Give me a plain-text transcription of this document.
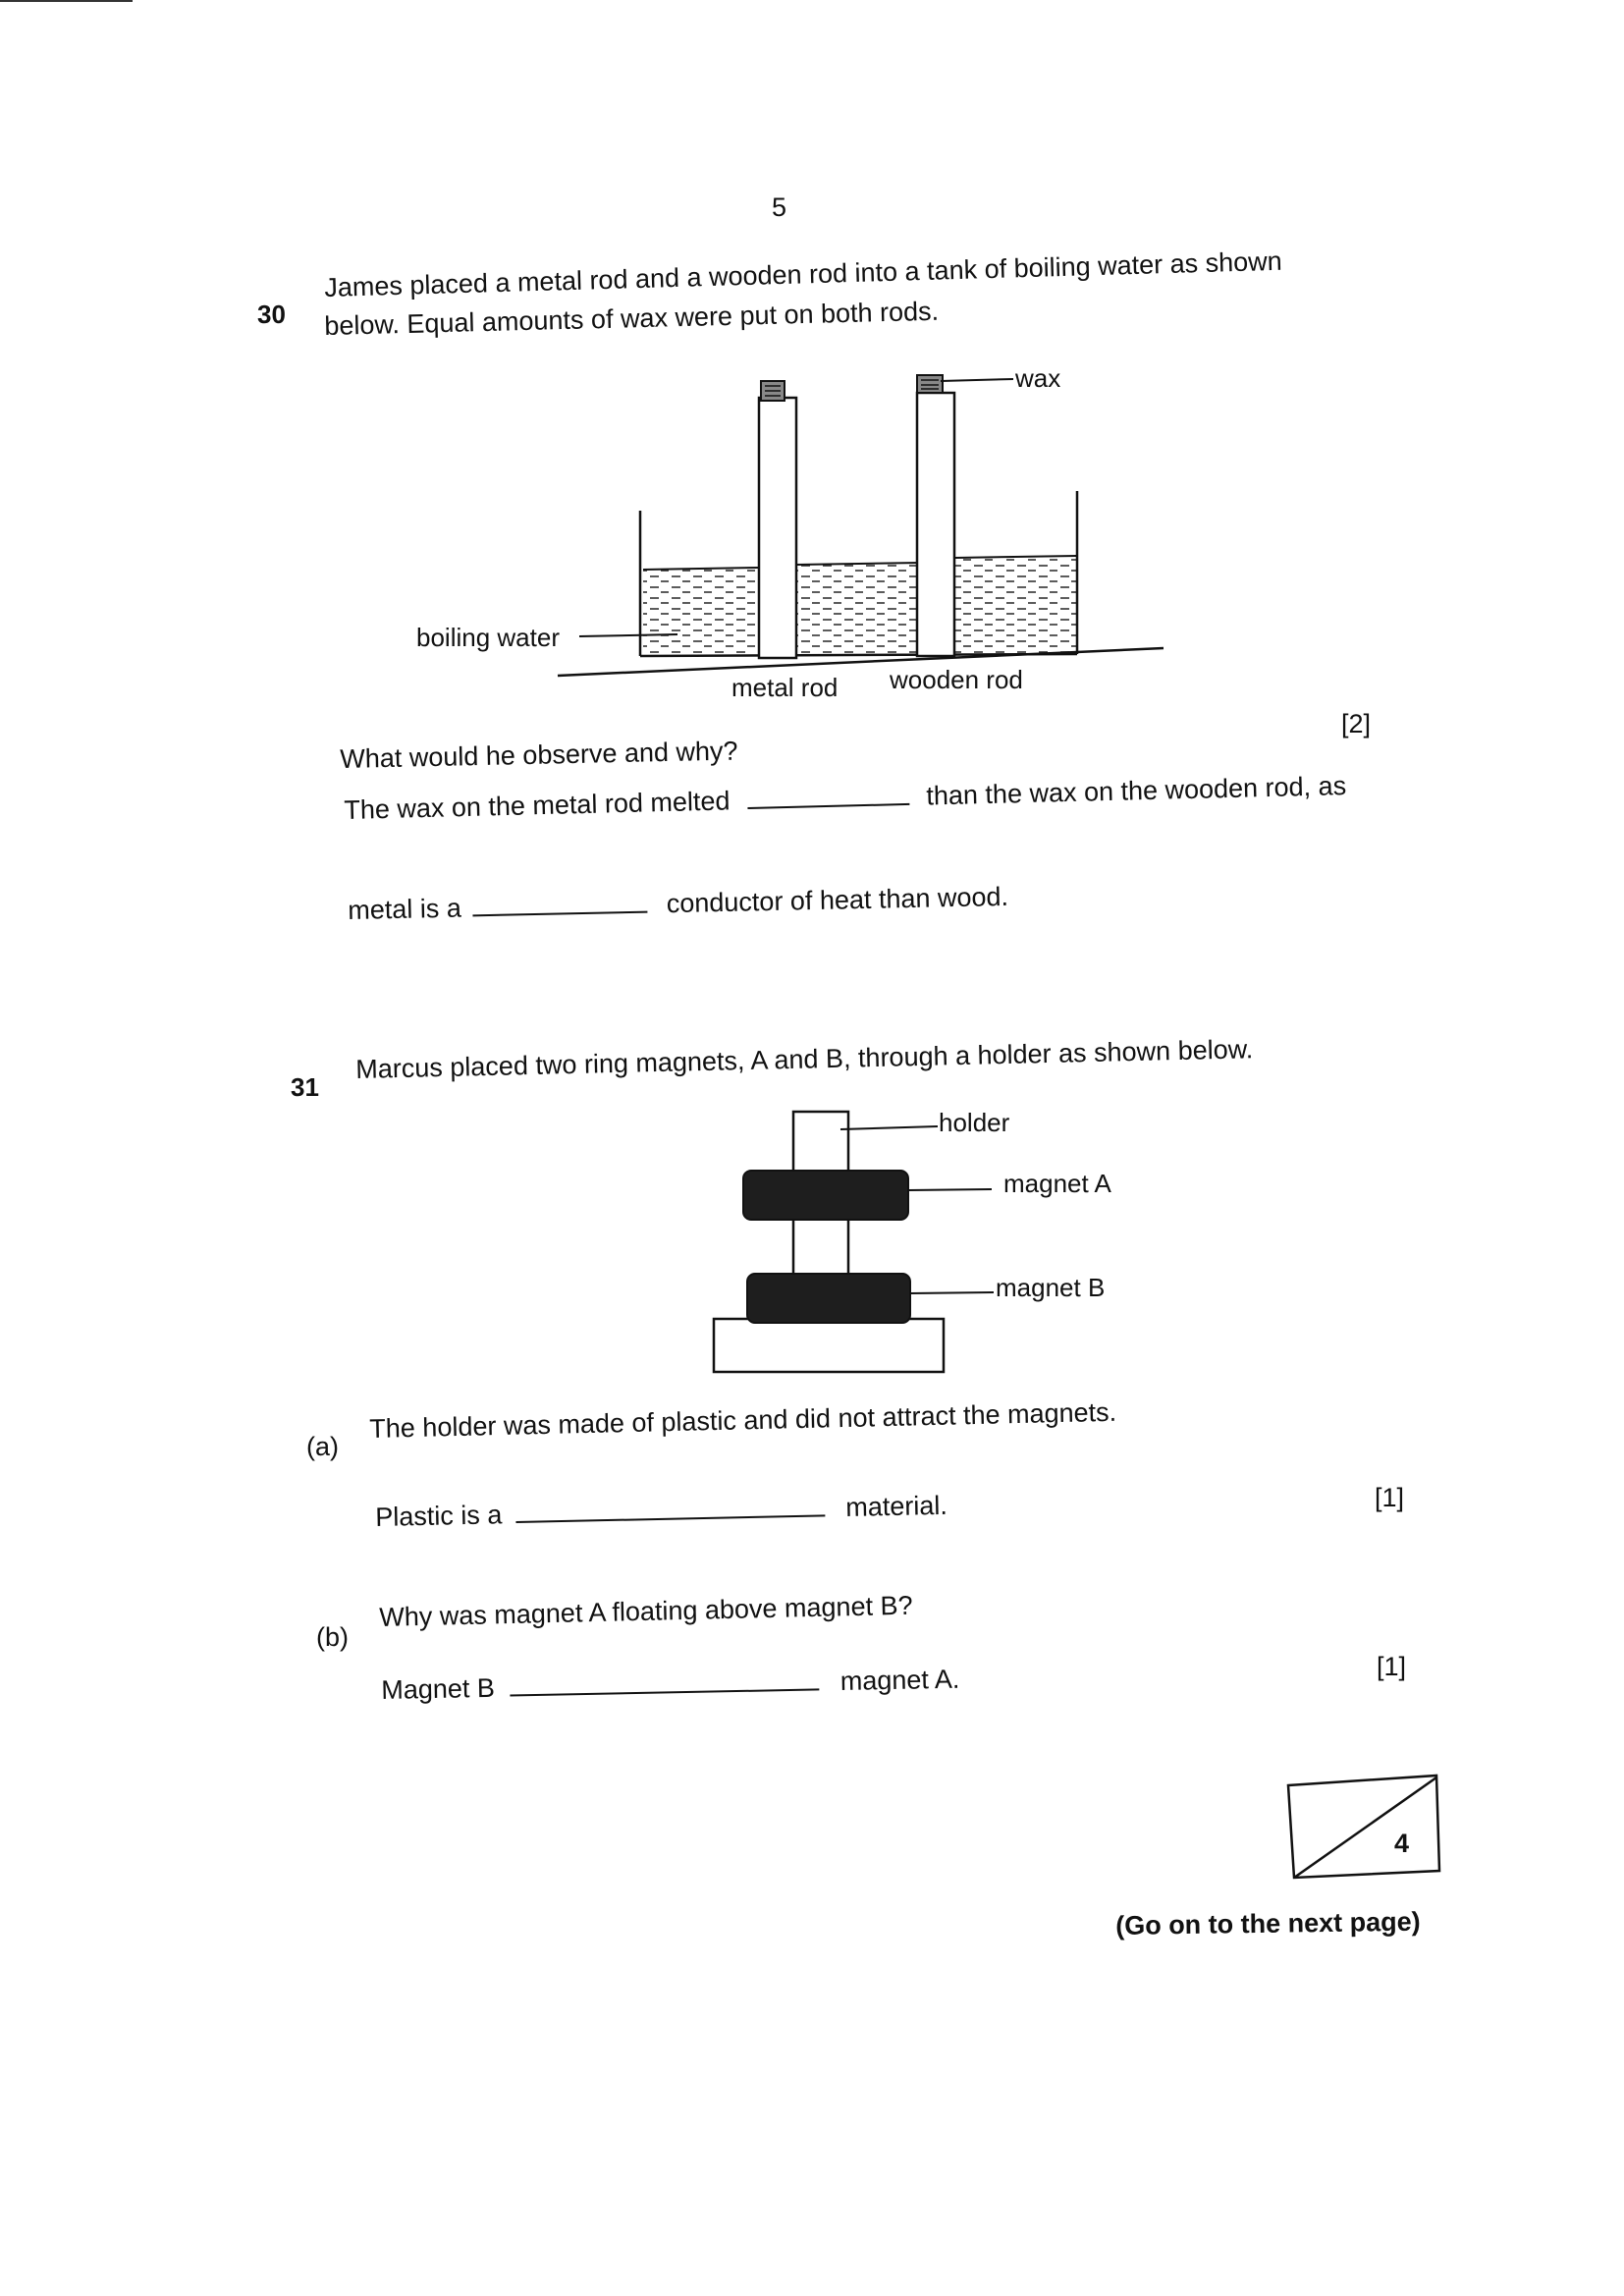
5
30
James placed a metal rod and a wooden rod into a tank of boiling water as shown
below. Equal amounts of wax were put on both rods.
wax
boiling water
metal rod wooden rod
[2]
What would he observe and why?
The wax on the metal rod melted	than the wax on the wooden rod, as
metal is a	conductor of heat than wood.
31
Marcus placed two ring magnets, A and B, through a holder as shown below.
holder
magnet A
magnet B
(a)
The holder was made of plastic and did not attract the magnets.
[1]
Plastic is a	material.
(b)
Why was magnet A floating above magnet B?
[1]
Magnet B	magnet A.
4
(Go on to the next page)
